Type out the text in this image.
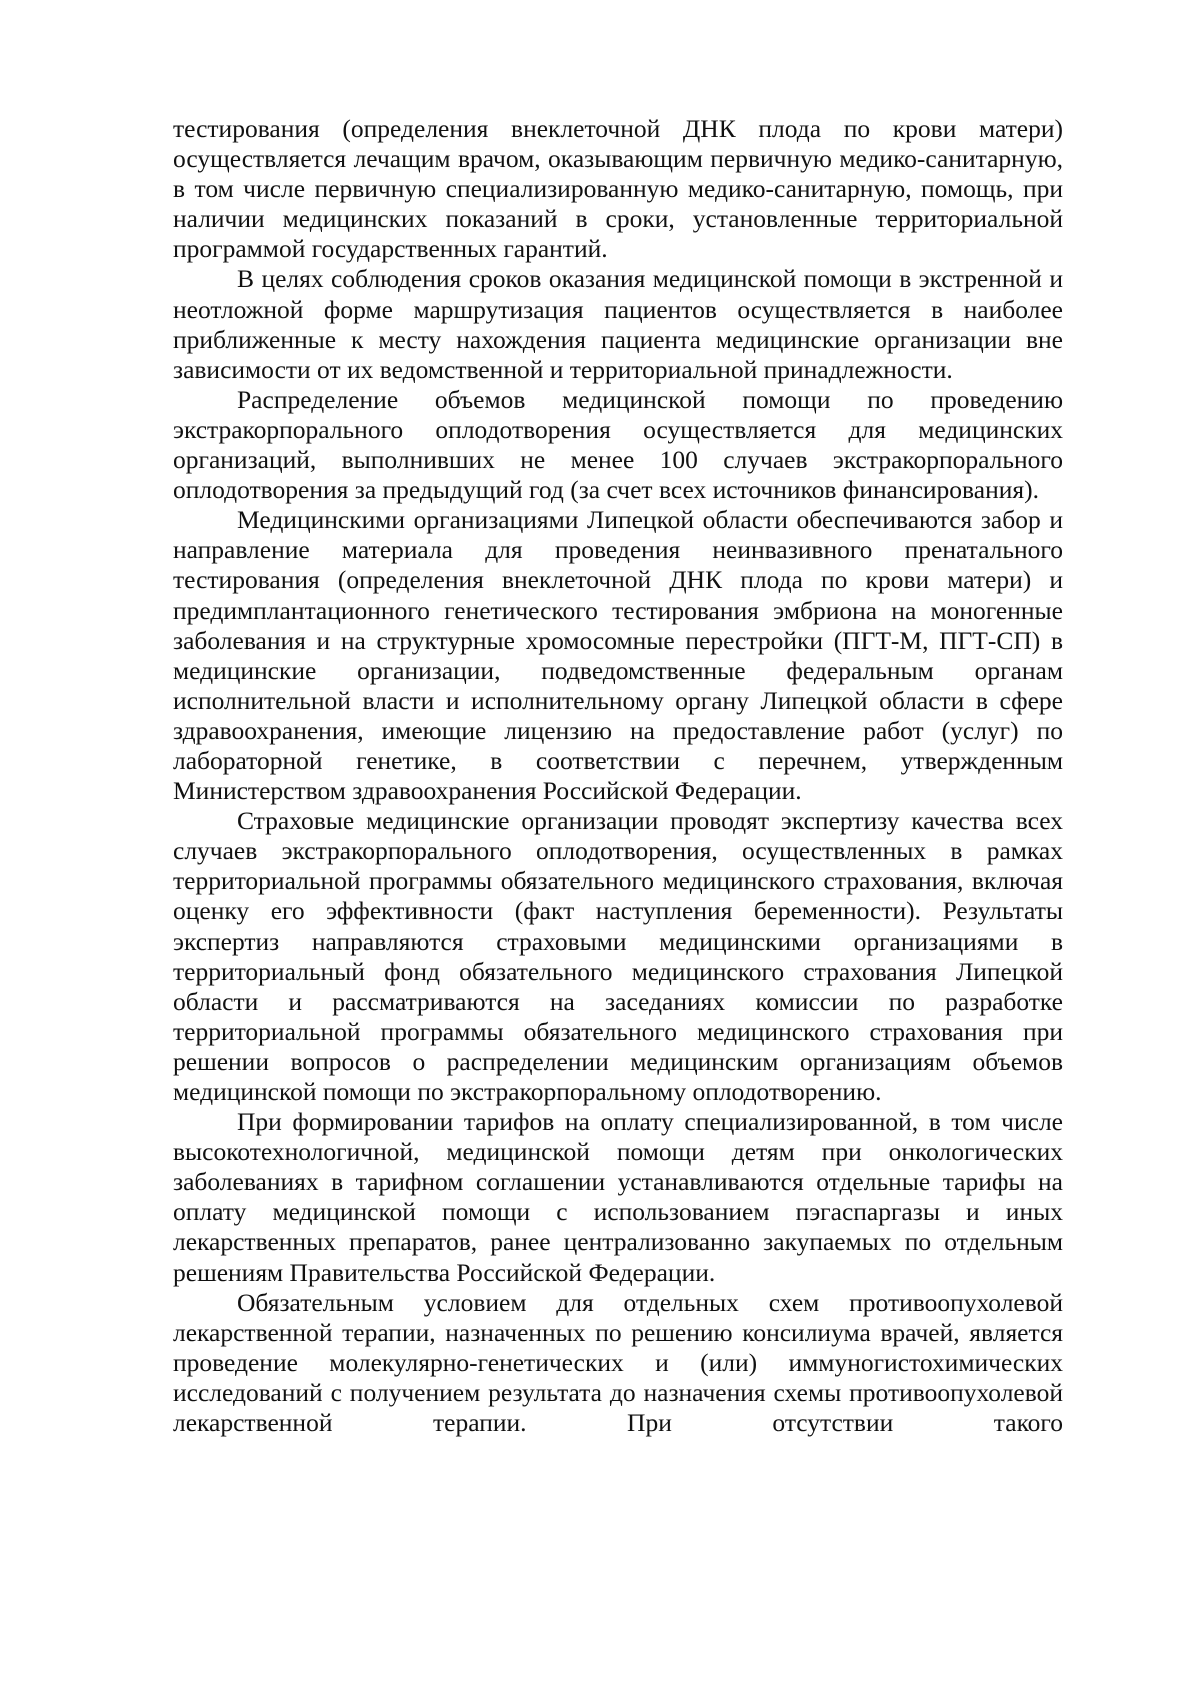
тестирования (определения внеклеточной ДНК плода по крови матери) осуществляется лечащим врачом, оказывающим первичную медико-санитарную, в том числе первичную специализированную медико-санитарную, помощь, при наличии медицинских показаний в сроки, установленные территориальной программой государственных гарантий.

В целях соблюдения сроков оказания медицинской помощи в экстренной и неотложной форме маршрутизация пациентов осуществляется в наиболее приближенные к месту нахождения пациента медицинские организации вне зависимости от их ведомственной и территориальной принадлежности.

Распределение объемов медицинской помощи по проведению экстракорпорального оплодотворения осуществляется для медицинских организаций, выполнивших не менее 100 случаев экстракорпорального оплодотворения за предыдущий год (за счет всех источников финансирования).

Медицинскими организациями Липецкой области обеспечиваются забор и направление материала для проведения неинвазивного пренатального тестирования (определения внеклеточной ДНК плода по крови матери) и предимплантационного генетического тестирования эмбриона на моногенные заболевания и на структурные хромосомные перестройки (ПГТ-М, ПГТ-СП) в медицинские организации, подведомственные федеральным органам исполнительной власти и исполнительному органу Липецкой области в сфере здравоохранения, имеющие лицензию на предоставление работ (услуг) по лабораторной генетике, в соответствии с перечнем, утвержденным Министерством здравоохранения Российской Федерации.

Страховые медицинские организации проводят экспертизу качества всех случаев экстракорпорального оплодотворения, осуществленных в рамках территориальной программы обязательного медицинского страхования, включая оценку его эффективности (факт наступления беременности). Результаты экспертиз направляются страховыми медицинскими организациями в территориальный фонд обязательного медицинского страхования Липецкой области и рассматриваются на заседаниях комиссии по разработке территориальной программы обязательного медицинского страхования при решении вопросов о распределении медицинским организациям объемов медицинской помощи по экстракорпоральному оплодотворению.

При формировании тарифов на оплату специализированной, в том числе высокотехнологичной, медицинской помощи детям при онкологических заболеваниях в тарифном соглашении устанавливаются отдельные тарифы на оплату медицинской помощи с использованием пэгаспаргазы и иных лекарственных препаратов, ранее централизованно закупаемых по отдельным решениям Правительства Российской Федерации.

Обязательным условием для отдельных схем противоопухолевой лекарственной терапии, назначенных по решению консилиума врачей, является проведение молекулярно-генетических и (или) иммуногистохимических исследований с получением результата до назначения схемы противоопухолевой лекарственной терапии. При отсутствии такого
